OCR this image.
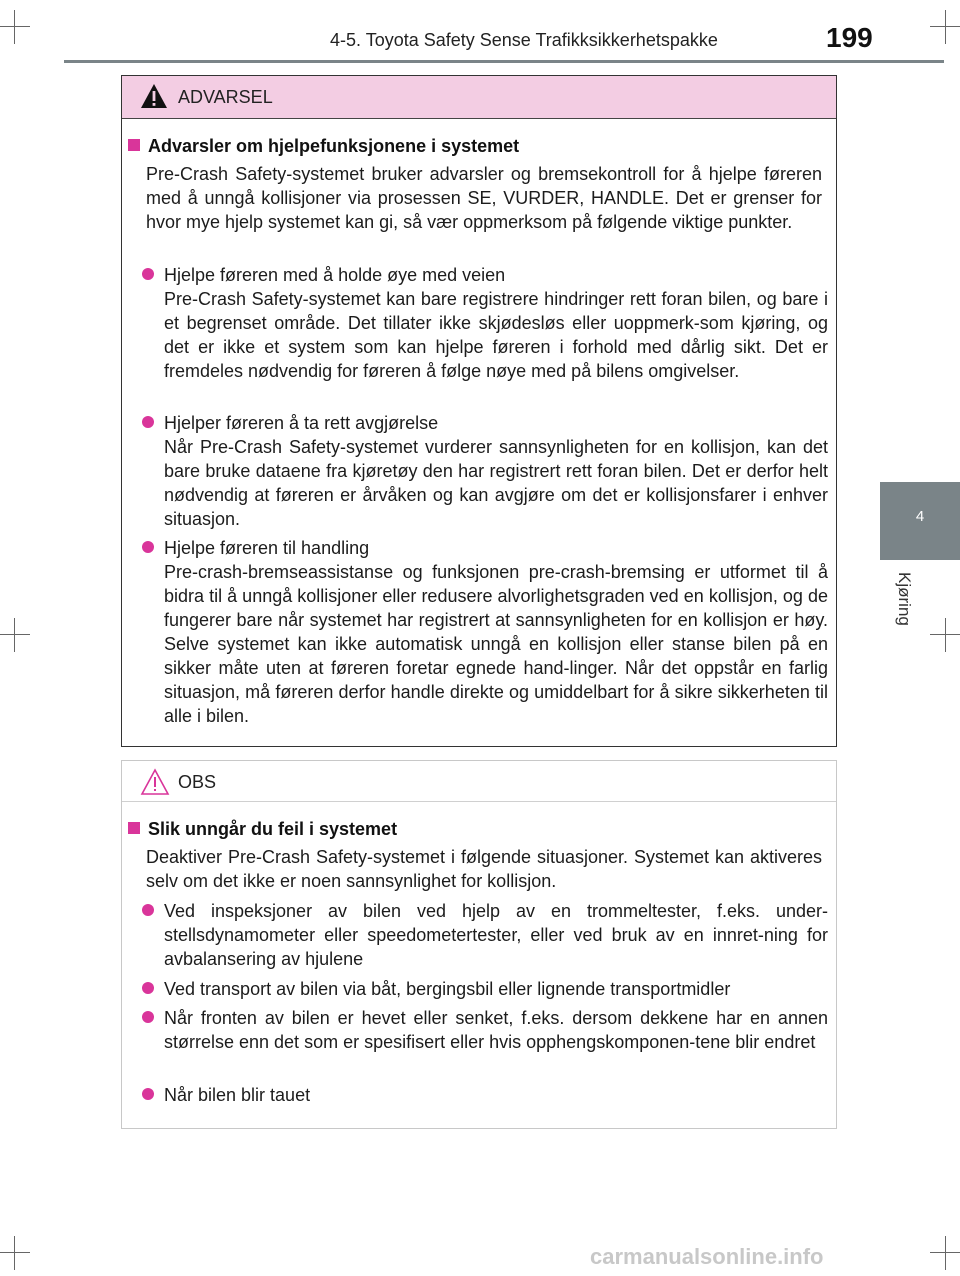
4-5. Toyota Safety Sense Trafikksikkerhetspakke	199
4
Kjøring
ADVARSEL
Advarsler om hjelpefunksjonene i systemet

Pre-Crash Safety-systemet bruker advarsler og bremsekontroll for å hjelpe føreren med å unngå kollisjoner via prosessen SE, VURDER, HANDLE. Det er grenser for hvor mye hjelp systemet kan gi, så vær oppmerksom på følgende viktige punkter.

Hjelpe føreren med å holde øye med veien
Pre-Crash Safety-systemet kan bare registrere hindringer rett foran bilen, og bare i et begrenset område. Det tillater ikke skjødesløs eller uoppmerk-som kjøring, og det er ikke et system som kan hjelpe føreren i forhold med dårlig sikt. Det er fremdeles nødvendig for føreren å følge nøye med på bilens omgivelser.
Hjelper føreren å ta rett avgjørelse
Når Pre-Crash Safety-systemet vurderer sannsynligheten for en kollisjon, kan det bare bruke dataene fra kjøretøy den har registrert rett foran bilen. Det er derfor helt nødvendig at føreren er årvåken og kan avgjøre om det er kollisjonsfarer i enhver situasjon.
Hjelpe føreren til handling
Pre-crash-bremseassistanse og funksjonen pre-crash-bremsing er utformet til å bidra til å unngå kollisjoner eller redusere alvorlighetsgraden ved en kollisjon, og de fungerer bare når systemet har registrert at sannsynligheten for en kollisjon er høy. Selve systemet kan ikke automatisk unngå en kollisjon eller stanse bilen på en sikker måte uten at føreren foretar egnede hand-linger. Når det oppstår en farlig situasjon, må føreren derfor handle direkte og umiddelbart for å sikre sikkerheten til alle i bilen.
OBS
Slik unngår du feil i systemet

Deaktiver Pre-Crash Safety-systemet i følgende situasjoner. Systemet kan aktiveres selv om det ikke er noen sannsynlighet for kollisjon.

Ved inspeksjoner av bilen ved hjelp av en trommeltester, f.eks. under-stellsdynamometer eller speedometertester, eller ved bruk av en innret-ning for avbalansering av hjulene
Ved transport av bilen via båt, bergingsbil eller lignende transportmidler
Når fronten av bilen er hevet eller senket, f.eks. dersom dekkene har en annen størrelse enn det som er spesifisert eller hvis opphengskomponen-tene blir endret
Når bilen blir tauet
carmanualsonline.info
